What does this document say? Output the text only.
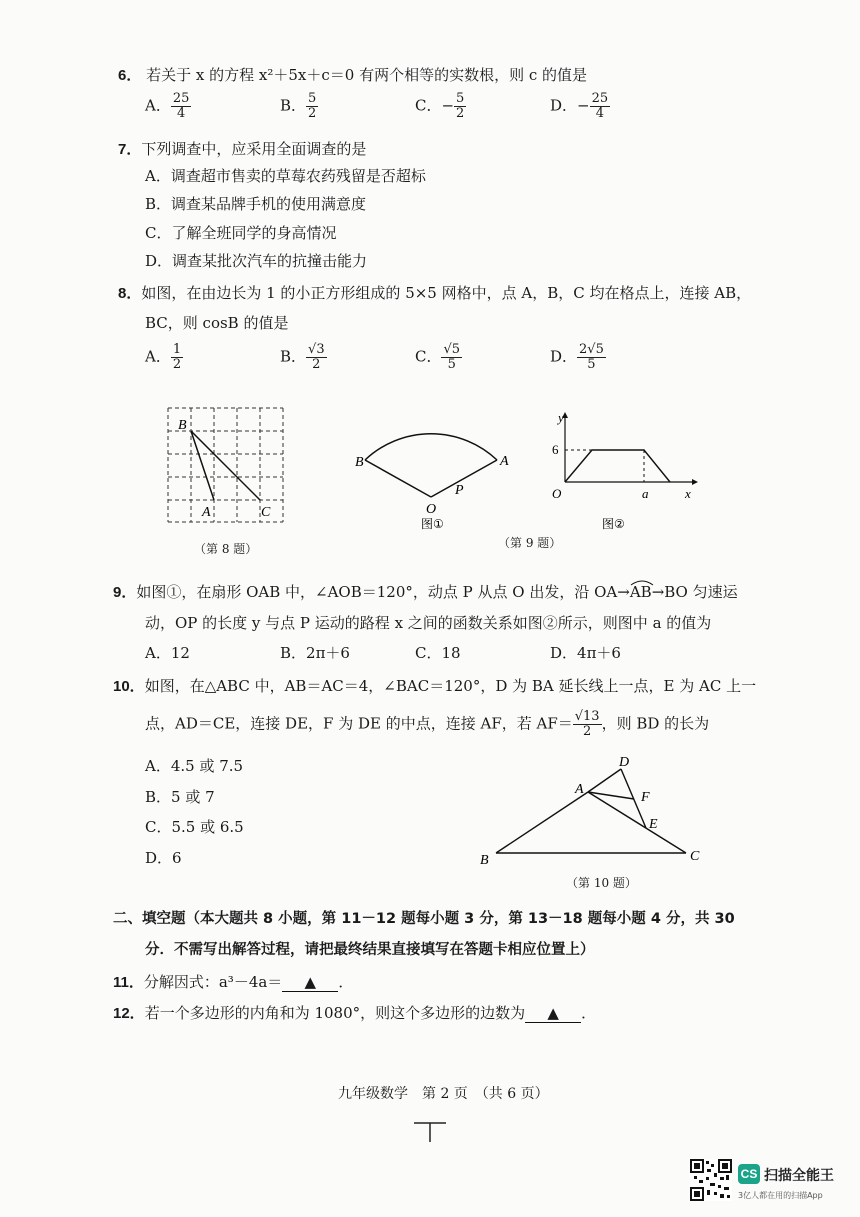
6． 若关于 x 的方程 x²＋5x＋c＝0 有两个相等的实数根，则 c 的值是
A． $\frac{25}{4}$	B． $\frac{5}{2}$	C．− $\frac{5}{2}$	D．− $\frac{25}{4}$
7．下列调查中，应采用全面调查的是
A．调查超市售卖的草莓农药残留是否超标
B．调查某品牌手机的使用满意度
C．了解全班同学的身高情况
D．调查某批次汽车的抗撞击能力
8．如图，在由边长为 1 的小正方形组成的 5×5 网格中，点 A，B，C 均在格点上，连接 AB，
BC，则 cosB 的值是
A． $\frac{1}{2}$	B． $\frac{√3}{2}$	C． $\frac{√5}{5}$	D． $\frac{2√5}{5}$
B
A	C
（第 8 题）
B	A
O
P
图①
y
6
O	a	x
图②
（第 9 题）
9．如图①，在扇形 OAB 中，∠AOB＝120°，动点 P 从点 O 出发，沿 OA→AB
→BO 匀速运
动，OP 的长度 y 与点 P 运动的路程 x 之间的函数关系如图②所示，则图中 a 的值为
A．12	B．2π＋6	C．18	D．4π＋6
10．如图，在△ABC 中，AB＝AC＝4，∠BAC＝120°，D 为 BA 延长线上一点，E 为 AC 上一
点，AD＝CE，连接 DE，F 为 DE 的中点，连接 AF，若 $AF= \frac{√13}{2}$ ，则 BD 的长为
A．4.5 或 7.5
B．5 或 7
C．5.5 或 6.5
D．6	B	C
A
D
F
E
（第 10 题）
二、填空题（本大题共 8 小题，第 11－12 题每小题 3 分，第 13－18 题每小题 4 分，共 30
分．不需写出解答过程，请把最终结果直接填写在答题卡相应位置上）
11．分解因式：a³－4a＝ ▲ ．
12．若一个多边形的内角和为 1080°，则这个多边形的边数为 ▲ ．
九年级数学　第 2 页　（共 6 页）
CS 扫描全能王
3亿人都在用的扫描App
